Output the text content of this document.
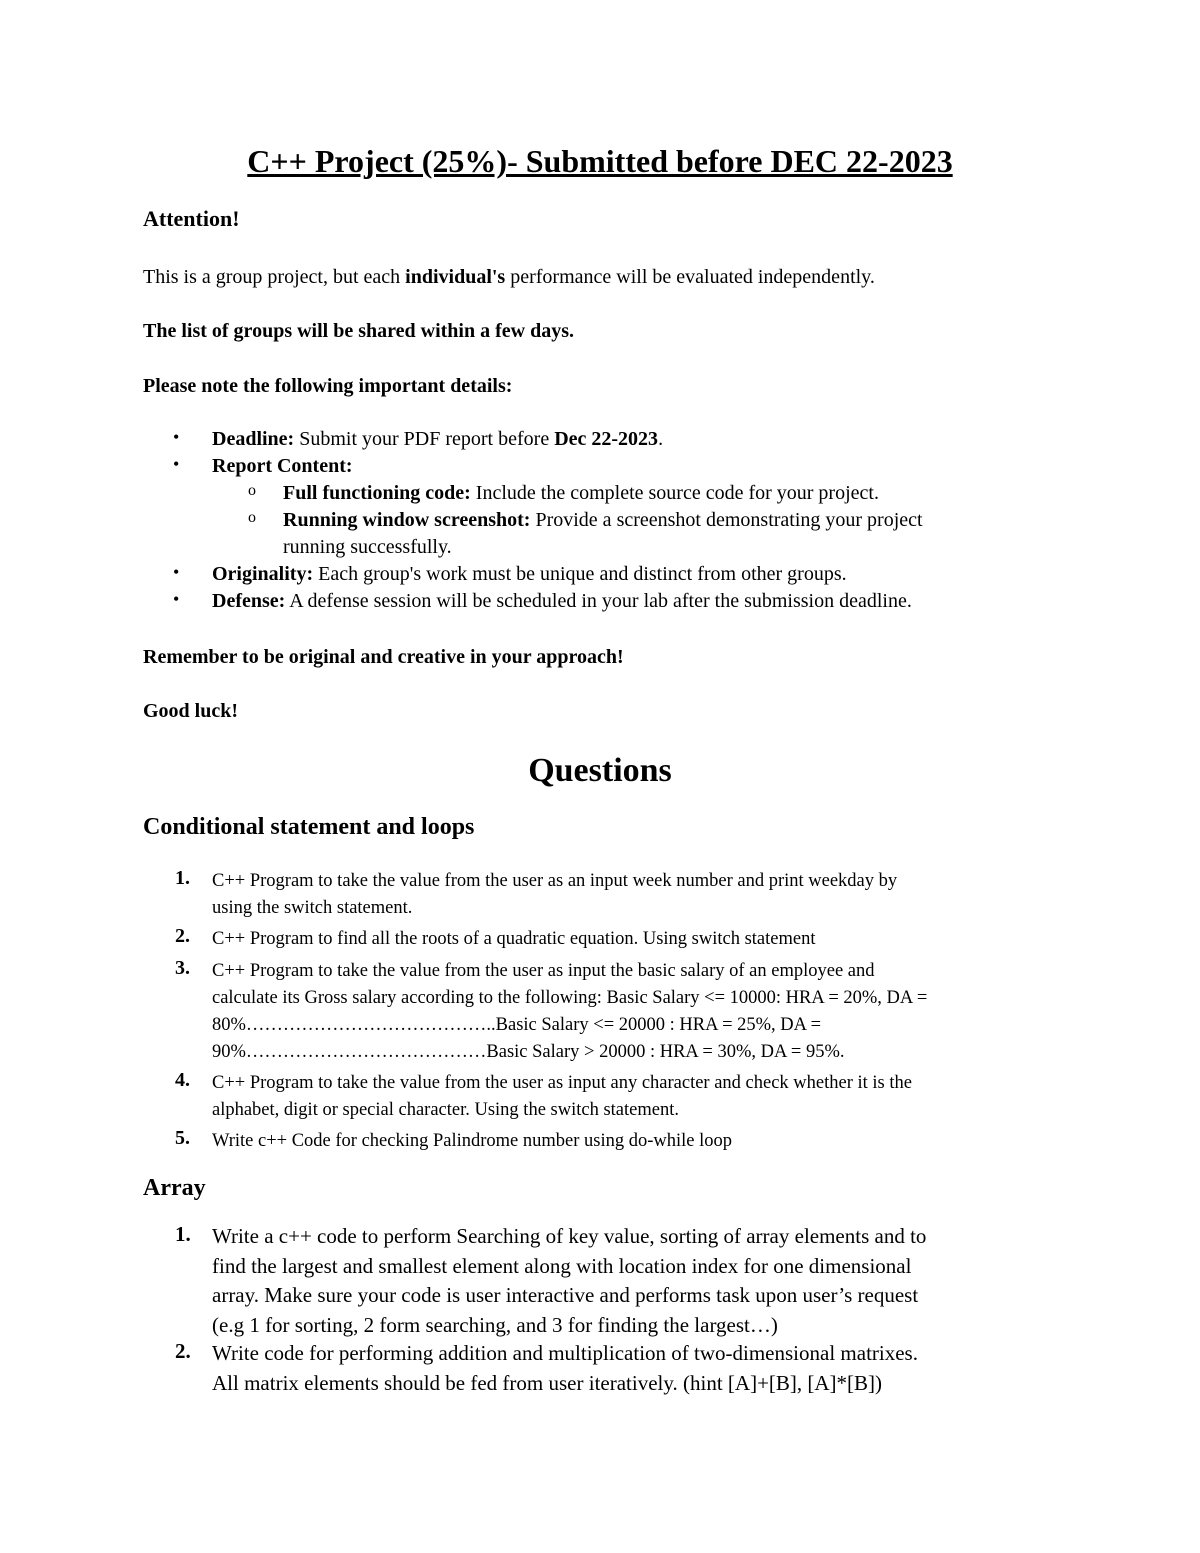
C++ Project (25%)- Submitted before DEC 22-2023
Attention!
This is a group project, but each individual's performance will be evaluated independently.
The list of groups will be shared within a few days.
Please note the following important details:
• Deadline: Submit your PDF report before Dec 22-2023.
• Report Content:
o Full functioning code: Include the complete source code for your project.
o Running window screenshot: Provide a screenshot demonstrating your project
running successfully.
• Originality: Each group's work must be unique and distinct from other groups.
• Defense: A defense session will be scheduled in your lab after the submission deadline.
Remember to be original and creative in your approach!
Good luck!
Questions
Conditional statement and loops
1. C++ Program to take the value from the user as an input week number and print weekday by
using the switch statement.
2. C++ Program to find all the roots of a quadratic equation. Using switch statement
3. C++ Program to take the value from the user as input the basic salary of an employee and
calculate its Gross salary according to the following: Basic Salary <= 10000: HRA = 20%, DA =
80%…………………………………..Basic Salary <= 20000 : HRA = 25%, DA =
90%…………………………………Basic Salary > 20000 : HRA = 30%, DA = 95%.
4. C++ Program to take the value from the user as input any character and check whether it is the
alphabet, digit or special character. Using the switch statement.
5. Write c++ Code for checking Palindrome number using do-while loop
Array
1. Write a c++ code to perform Searching of key value, sorting of array elements and to
find the largest and smallest element along with location index for one dimensional
array. Make sure your code is user interactive and performs task upon user’s request
(e.g 1 for sorting, 2 form searching, and 3 for finding the largest…)
2. Write code for performing addition and multiplication of two-dimensional matrixes.
All matrix elements should be fed from user iteratively. (hint [A]+[B], [A]*[B])
